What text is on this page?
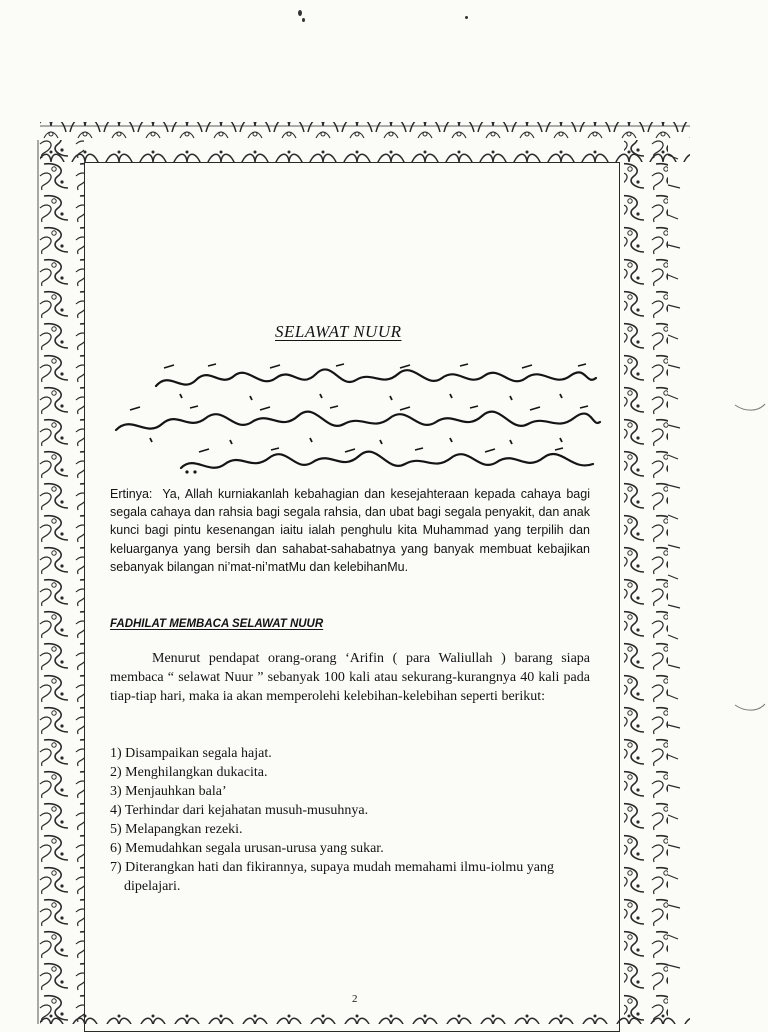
SELAWAT NUUR

Ertinya: Ya, Allah kurniakanlah kebahagian dan kesejahteraan kepada cahaya bagi segala cahaya dan rahsia bagi segala rahsia, dan ubat bagi segala penyakit, dan anak kunci bagi pintu kesenangan iaitu ialah penghulu kita Muhammad yang terpilih dan keluarganya yang bersih dan sahabat-sahabatnya yang banyak membuat kebajikan sebanyak bilangan ni’mat-ni’matMu dan kelebihanMu.

FADHILAT MEMBACA SELAWAT NUUR

Menurut pendapat orang-orang ‘Arifin ( para Waliullah ) barang siapa membaca “ selawat Nuur ” sebanyak 100 kali atau sekurang-kurangnya 40 kali pada tiap-tiap hari, maka ia akan memperolehi kelebihan-kelebihan seperti berikut:

1) Disampaikan segala hajat.
2) Menghilangkan dukacita.
3) Menjauhkan bala’
4) Terhindar dari kejahatan musuh-musuhnya.
5) Melapangkan rezeki.
6) Memudahkan segala urusan-urusa yang sukar.
7) Diterangkan hati dan fikirannya, supaya mudah memahami ilmu-iolmu yang dipelajari.
2
